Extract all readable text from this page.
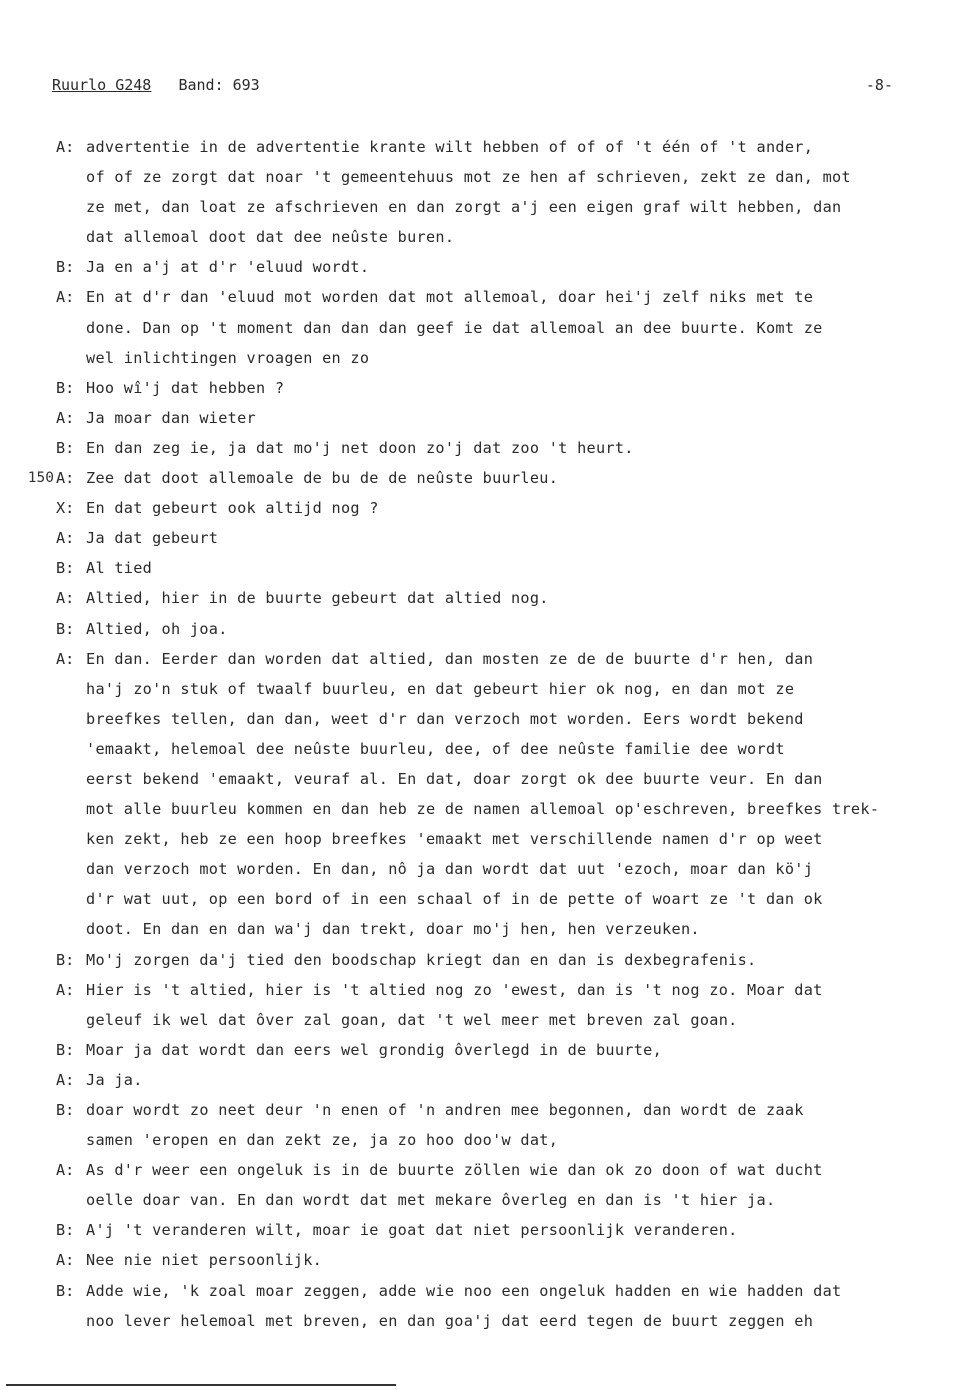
Ruurlo G248 Band: 693	-8-
A: advertentie in de advertentie krante wilt hebben of of of 't één of 't ander,
of of ze zorgt dat noar 't gemeentehuus mot ze hen af schrieven, zekt ze dan, mot
ze met, dan loat ze afschrieven en dan zorgt a'j een eigen graf wilt hebben, dan
dat allemoal doot dat dee neûste buren.
B: Ja en a'j at d'r 'eluud wordt.
A: En at d'r dan 'eluud mot worden dat mot allemoal, doar hei'j zelf niks met te
done. Dan op 't moment dan dan dan geef ie dat allemoal an dee buurte. Komt ze
wel inlichtingen vroagen en zo
B: Hoo wî'j dat hebben ?
A: Ja moar dan wieter
B: En dan zeg ie, ja dat mo'j net doon zo'j dat zoo 't heurt.
150 A: Zee dat doot allemoale de bu de de neûste buurleu.
X: En dat gebeurt ook altijd nog ?
A: Ja dat gebeurt
B: Al tied
A: Altied, hier in de buurte gebeurt dat altied nog.
B: Altied, oh joa.
A: En dan. Eerder dan worden dat altied, dan mosten ze de de buurte d'r hen, dan
ha'j zo'n stuk of twaalf buurleu, en dat gebeurt hier ok nog, en dan mot ze
breefkes tellen, dan dan, weet d'r dan verzoch mot worden. Eers wordt bekend
'emaakt, helemoal dee neûste buurleu, dee, of dee neûste familie dee wordt
eerst bekend 'emaakt, veuraf al. En dat, doar zorgt ok dee buurte veur. En dan
mot alle buurleu kommen en dan heb ze de namen allemoal op'eschreven, breefkes trek-
ken zekt, heb ze een hoop breefkes 'emaakt met verschillende namen d'r op weet
dan verzoch mot worden. En dan, nô ja dan wordt dat uut 'ezoch, moar dan kö'j
d'r wat uut, op een bord of in een schaal of in de pette of woart ze 't dan ok
doot. En dan en dan wa'j dan trekt, doar mo'j hen, hen verzeuken.
B: Mo'j zorgen da'j tied den boodschap kriegt dan en dan is dexbegrafenis.
A: Hier is 't altied, hier is 't altied nog zo 'ewest, dan is 't nog zo. Moar dat
geleuf ik wel dat ôver zal goan, dat 't wel meer met breven zal goan.
B: Moar ja dat wordt dan eers wel grondig ôverlegd in de buurte,
A: Ja ja.
B: doar wordt zo neet deur 'n enen of 'n andren mee begonnen, dan wordt de zaak
samen 'eropen en dan zekt ze, ja zo hoo doo'w dat,
A: As d'r weer een ongeluk is in de buurte zöllen wie dan ok zo doon of wat ducht
oelle doar van. En dan wordt dat met mekare ôverleg en dan is 't hier ja.
B: A'j 't veranderen wilt, moar ie goat dat niet persoonlijk veranderen.
A: Nee nie niet persoonlijk.
B: Adde wie, 'k zoal moar zeggen, adde wie noo een ongeluk hadden en wie hadden dat
noo lever helemoal met breven, en dan goa'j dat eerd tegen de buurt zeggen eh
